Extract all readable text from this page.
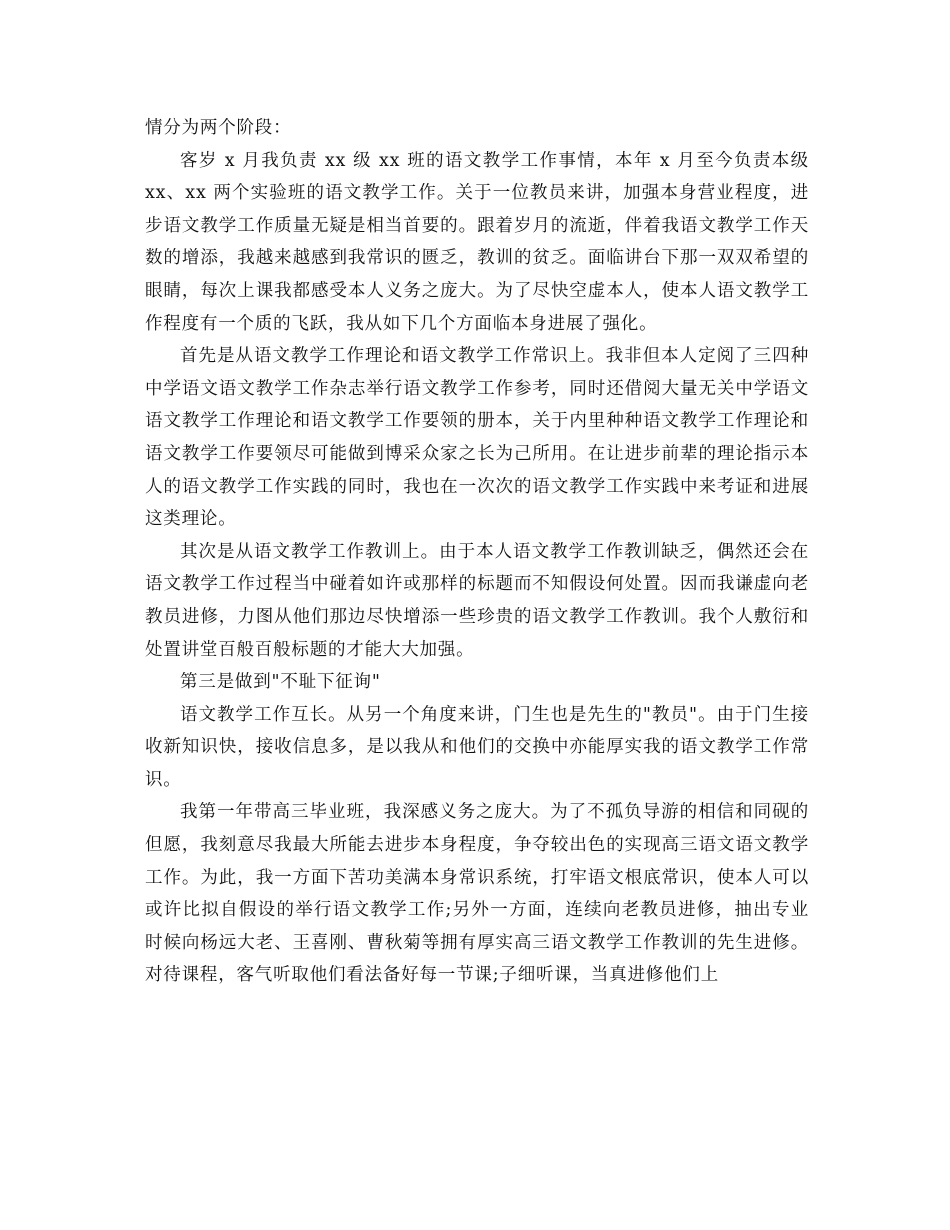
情分为两个阶段：

客岁 x 月我负责 xx 级 xx 班的语文教学工作事情，本年 x 月至今负责本级 xx、xx 两个实验班的语文教学工作。关于一位教员来讲，加强本身营业程度，进步语文教学工作质量无疑是相当首要的。跟着岁月的流逝，伴着我语文教学工作天数的增添，我越来越感到我常识的匮乏，教训的贫乏。面临讲台下那一双双希望的眼睛，每次上课我都感受本人义务之庞大。为了尽快空虚本人，使本人语文教学工作程度有一个质的飞跃，我从如下几个方面临本身进展了强化。

首先是从语文教学工作理论和语文教学工作常识上。我非但本人定阅了三四种中学语文语文教学工作杂志举行语文教学工作参考，同时还借阅大量无关中学语文语文教学工作理论和语文教学工作要领的册本，关于内里种种语文教学工作理论和语文教学工作要领尽可能做到博采众家之长为己所用。在让进步前辈的理论指示本人的语文教学工作实践的同时，我也在一次次的语文教学工作实践中来考证和进展这类理论。

其次是从语文教学工作教训上。由于本人语文教学工作教训缺乏，偶然还会在语文教学工作过程当中碰着如许或那样的标题而不知假设何处置。因而我谦虚向老教员进修，力图从他们那边尽快增添一些珍贵的语文教学工作教训。我个人敷衍和处置讲堂百般百般标题的才能大大加强。

第三是做到"不耻下征询"

语文教学工作互长。从另一个角度来讲，门生也是先生的"教员"。由于门生接收新知识快，接收信息多，是以我从和他们的交换中亦能厚实我的语文教学工作常识。

我第一年带高三毕业班，我深感义务之庞大。为了不孤负导游的相信和同砚的但愿，我刻意尽我最大所能去进步本身程度，争夺较出色的实现高三语文语文教学工作。为此，我一方面下苦功美满本身常识系统，打牢语文根底常识，使本人可以或许比拟自假设的举行语文教学工作;另外一方面，连续向老教员进修，抽出专业时候向杨远大老、王喜刚、曹秋菊等拥有厚实高三语文教学工作教训的先生进修。对待课程，客气听取他们看法备好每一节课;子细听课，当真进修他们上
